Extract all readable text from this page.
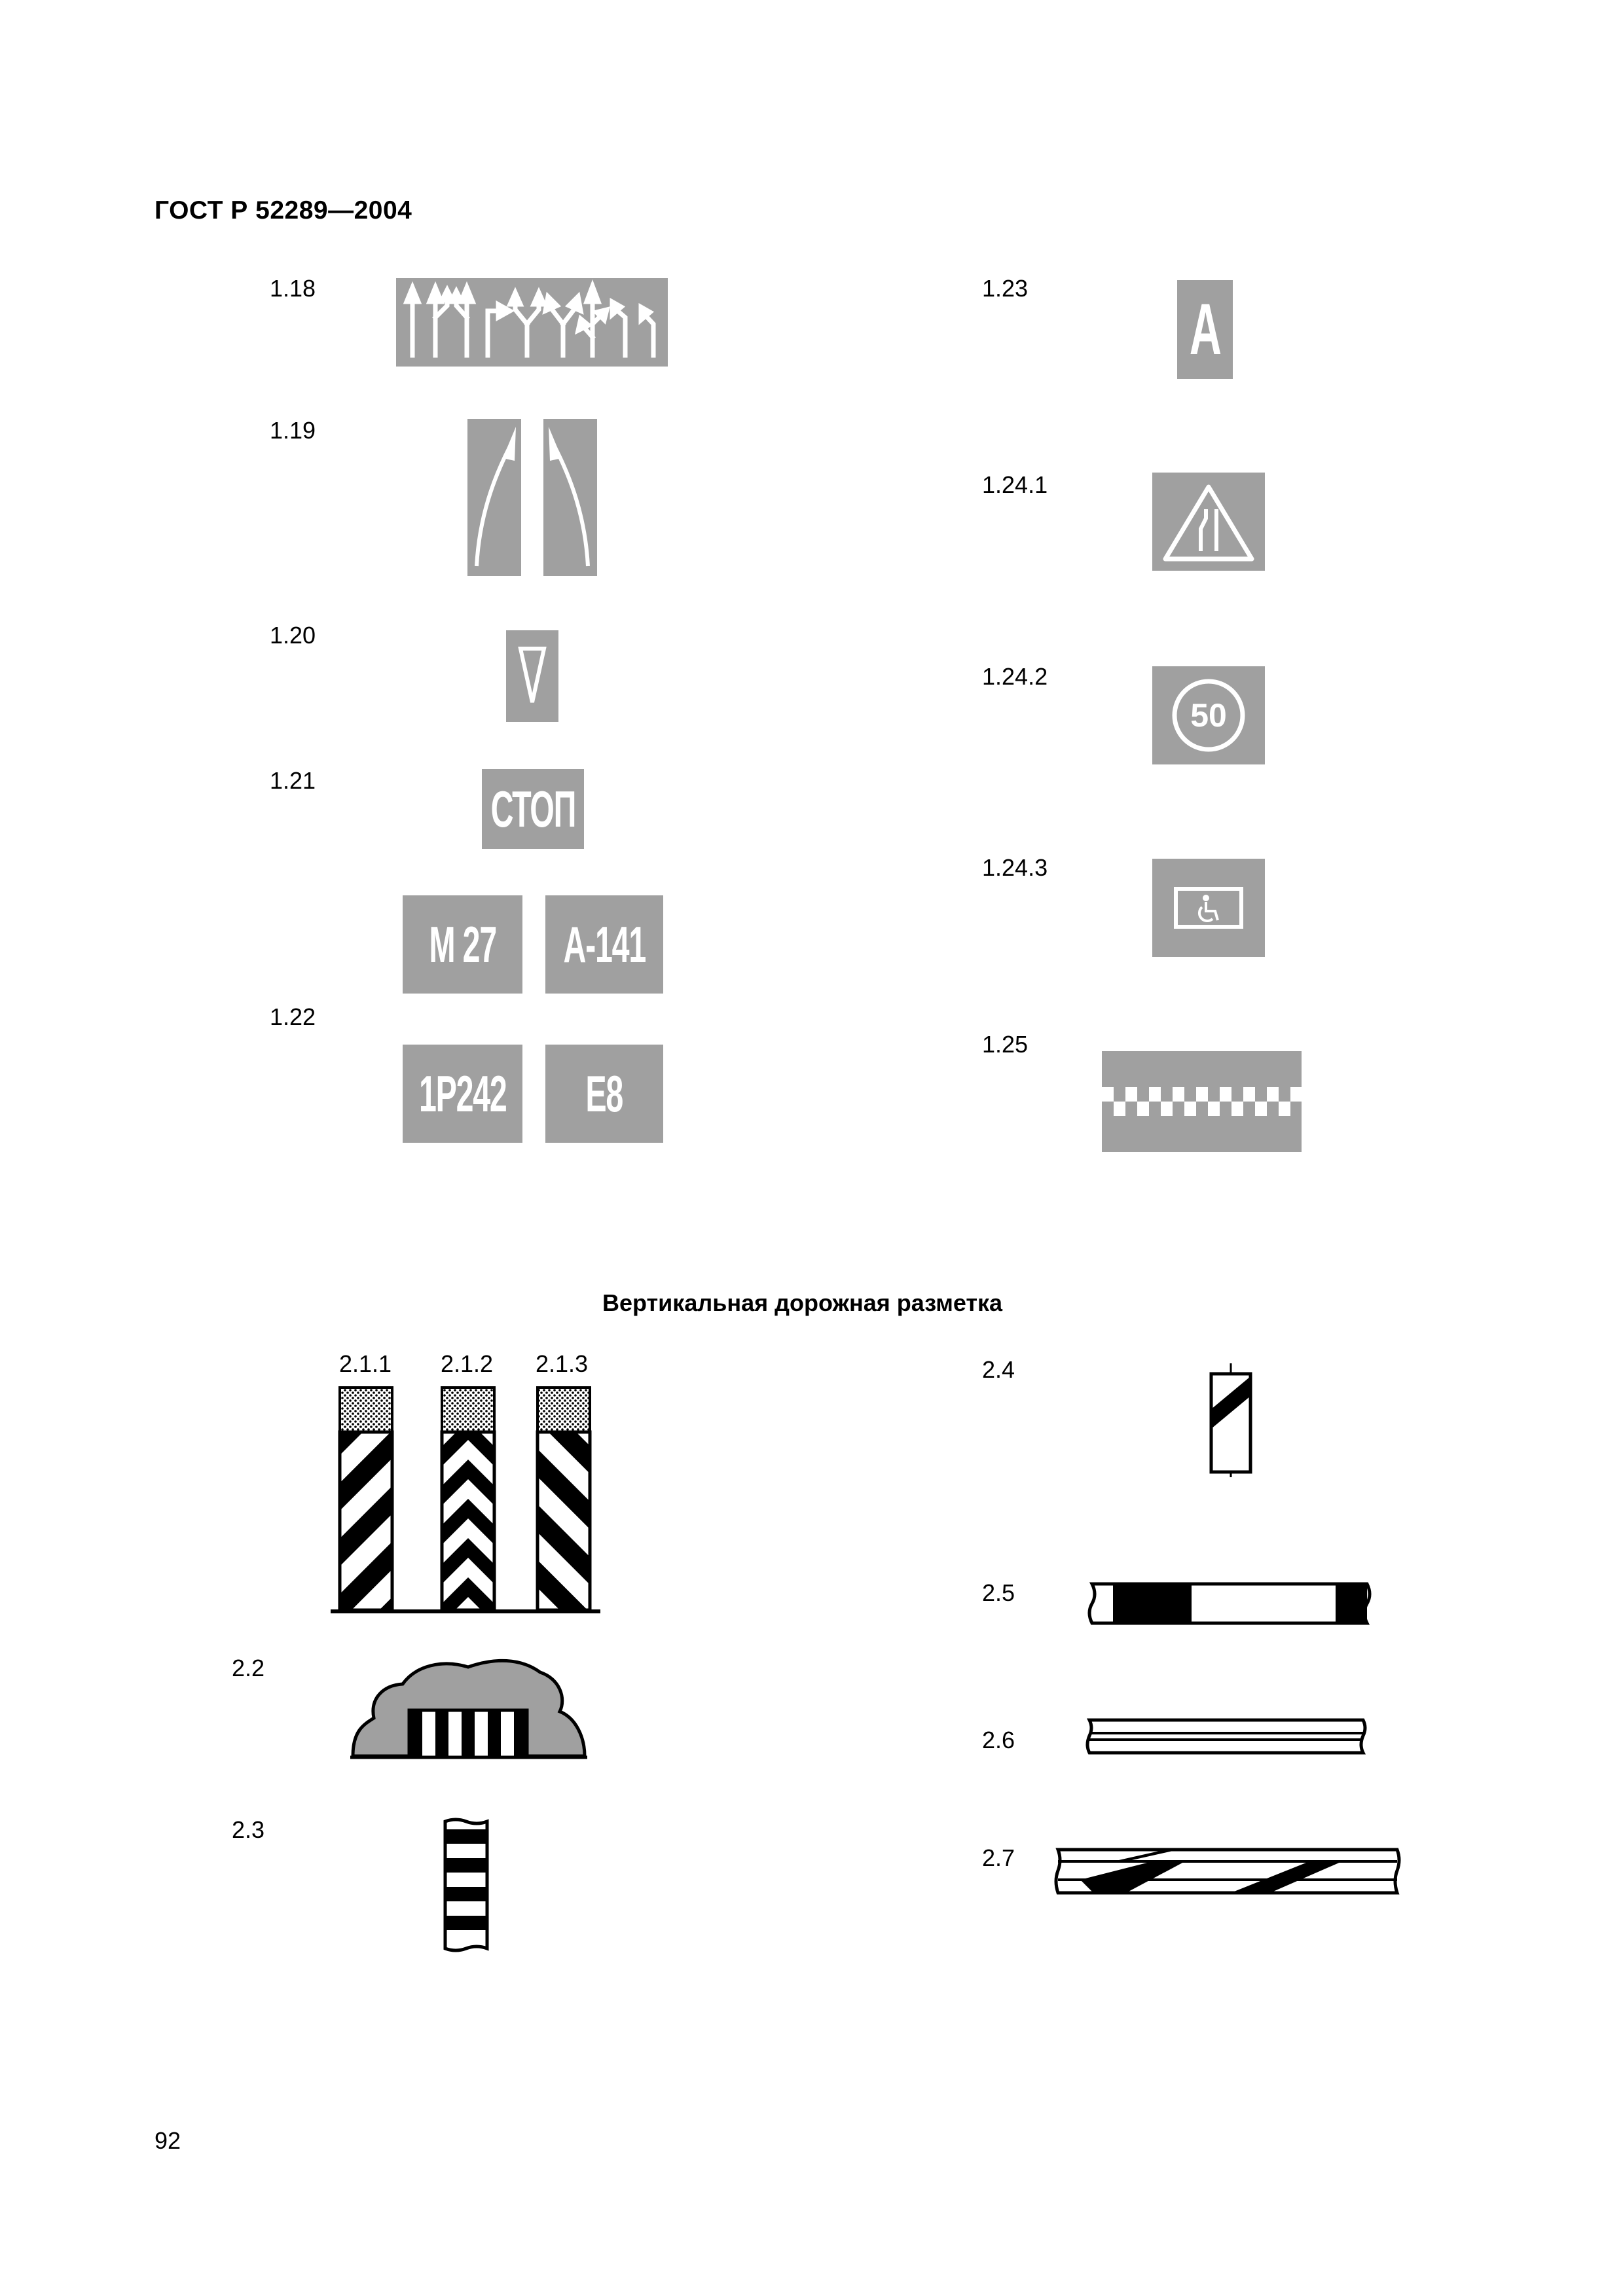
ГОСТ Р 52289—2004
1.18
1.19
1.20
1.21	СТОП
М 27 А-141
1.22
1Р242 Е8
1.23
А
1.24.1
1.24.2
50
1.24.3
1.25
Вертикальная дорожная разметка
2.1.1 2.1.2 2.1.3
2.2
2.3
2.4
2.5
2.6
2.7
92
